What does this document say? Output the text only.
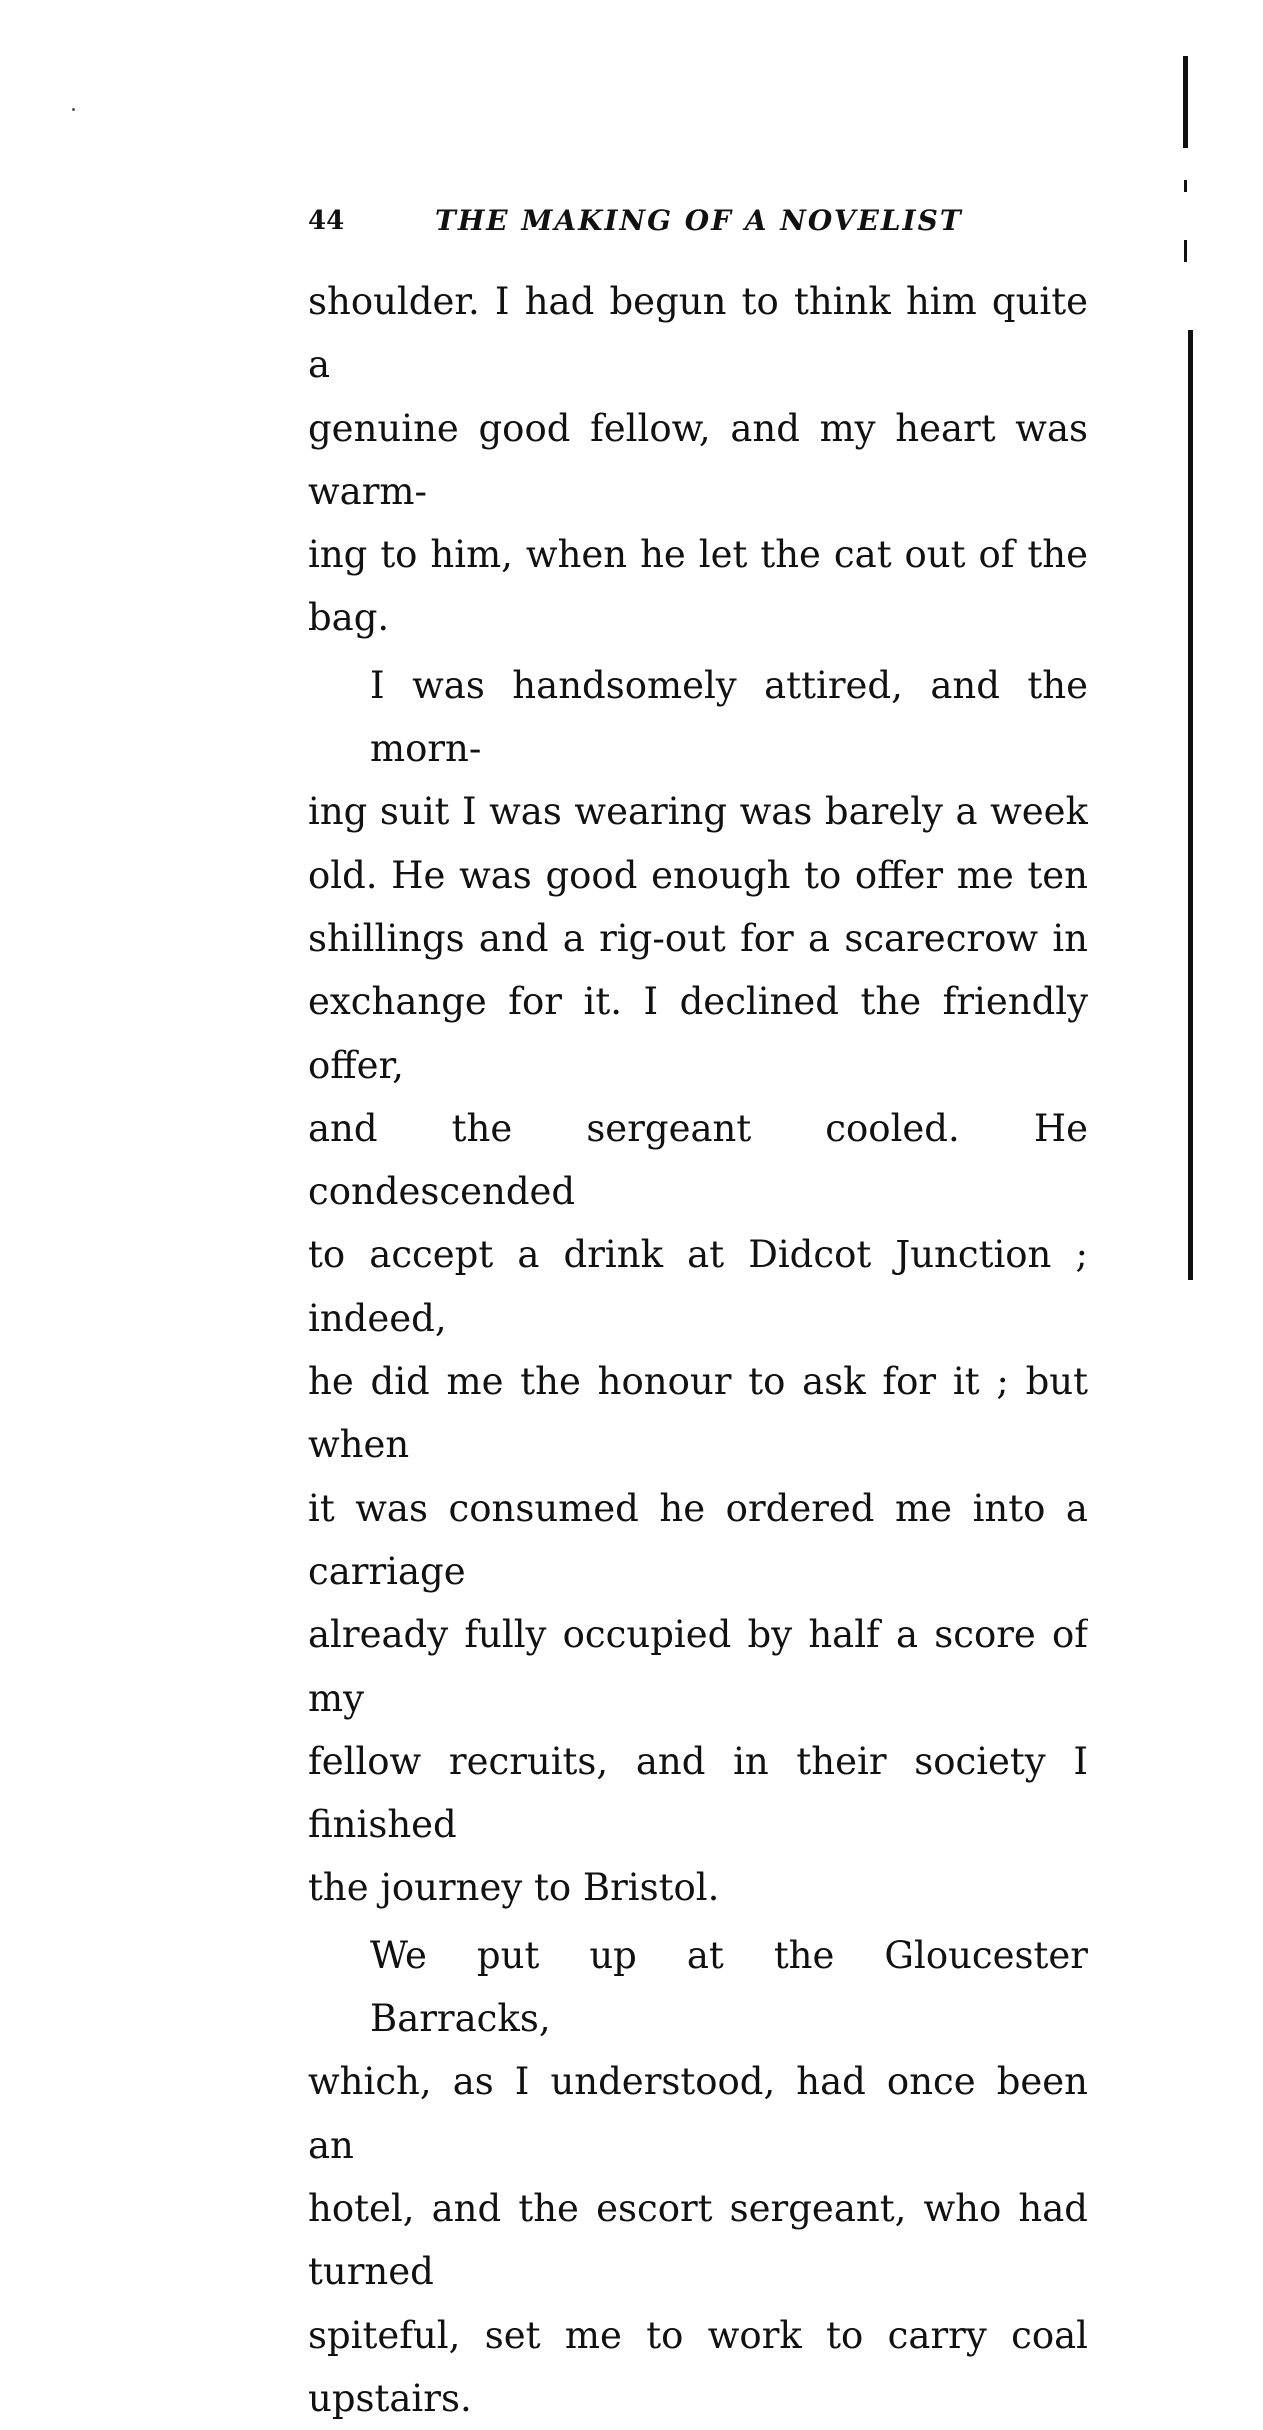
44	THE MAKING OF A NOVELIST
shoulder. I had begun to think him quite a
genuine good fellow, and my heart was warm-
ing to him, when he let the cat out of the
bag.
I was handsomely attired, and the morn-
ing suit I was wearing was barely a week
old. He was good enough to offer me ten
shillings and a rig-out for a scarecrow in
exchange for it. I declined the friendly offer,
and the sergeant cooled. He condescended
to accept a drink at Didcot Junction ; indeed,
he did me the honour to ask for it ; but when
it was consumed he ordered me into a carriage
already fully occupied by half a score of my
fellow recruits, and in their society I finished
the journey to Bristol.
We put up at the Gloucester Barracks,
which, as I understood, had once been an
hotel, and the escort sergeant, who had turned
spiteful, set me to work to carry coal upstairs.
